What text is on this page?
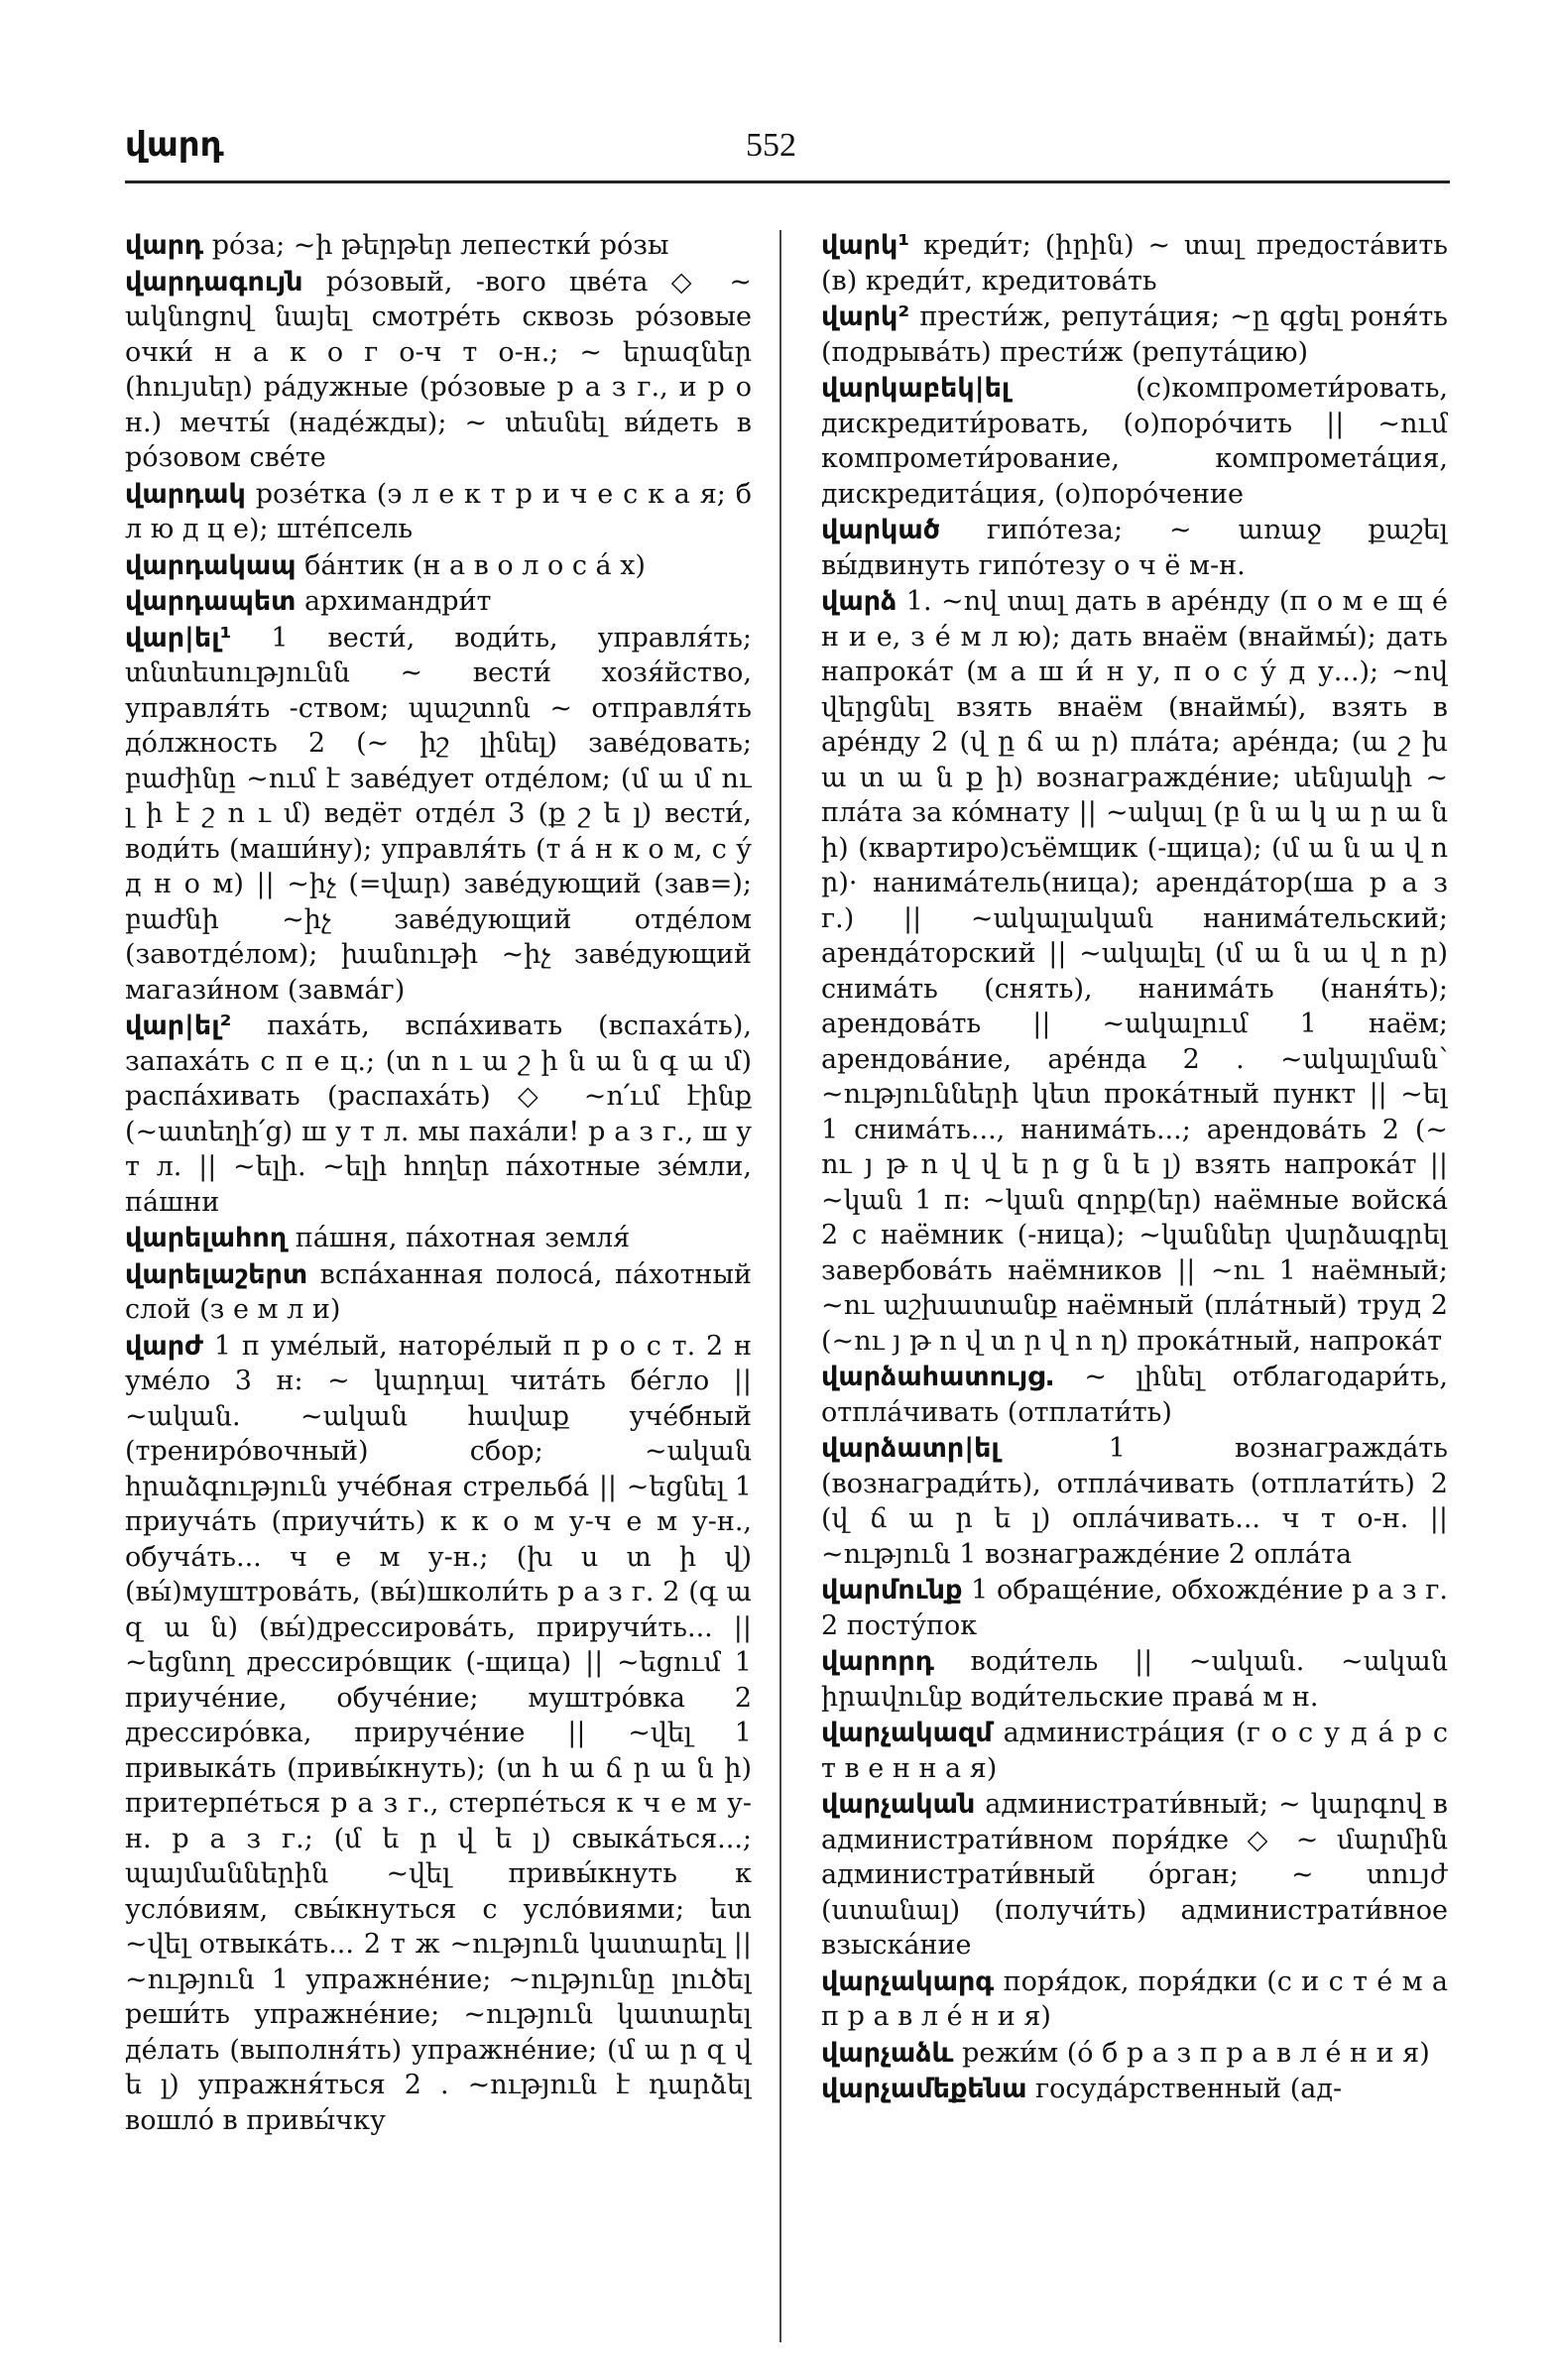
վարդ	552

վարդ ро́за; ~ի թերթեր лепестки́ ро́зы

վարդագույն ро́зовый, -вого цве́та ◇ ~ ակնոցով նայել смотре́ть сквозь ро́зовые очки́ н а к о г о-ч т о-н.; ~ երազներ (հույսեր) ра́дужные (ро́зовые р а з г., и р о н.) мечты́ (наде́жды); ~ տեսնել ви́деть в ро́зовом све́те

վարդակ розе́тка (э л е к т р и ч е с к а я; б л ю д ц е); ште́псель

վարդակապ ба́нтик (н а в о л о с а́ х)

վարդապետ архимандри́т

վար|ել¹ 1 вести́, води́ть, управля́ть; տնտեսությունն ~ вести́ хозя́йство, управля́ть -ством; պաշտոն ~ отправля́ть до́лжность 2 (~ իշ լինել) заве́довать; բաժինը ~ում է заве́дует отде́лом; (մ ա մ ու լ ի է շ ո ւ մ) ведёт отде́л 3 (ք շ ե լ) вести́, води́ть (маши́ну); управля́ть (т а́ н к о м, с у́ д н о м) || ~իչ (=վար) заве́дующий (зав=); բաժնի ~իչ заве́дующий отде́лом (завотде́лом); խանութի ~իչ заве́дующий магази́ном (завма́г)

վար|ել² паха́ть, вспа́хивать (вспаха́ть), запаха́ть с п е ц.; (տ ո ւ ա շ ի ն ա ն գ ա մ) распа́хивать (распаха́ть) ◇ ~ո՛ւմ էինք (~ատեղի՛ց) ш у т л. мы паха́ли! р а з г., ш у т л. || ~ելի. ~ելի հողեր па́хотные зе́мли, па́шни

վարելահող па́шня, па́хотная земля́

վարելաշերտ вспа́ханная полоса́, па́хотный слой (з е м л и)

վարժ 1 п уме́лый, наторе́лый п р о с т. 2 н уме́ло 3 н: ~ կարդալ чита́ть бе́гло || ~ական. ~ական հավաք уче́бный (трениро́вочный) сбор; ~ական հրաձգություն уче́бная стрельба́ || ~եցնել 1 приуча́ть (приучи́ть) к к о м у-ч е м у-н., обуча́ть... ч е м у-н.; (խ ս տ ի վ) (вы́)муштрова́ть, (вы́)школи́ть р а з г. 2 (գ ա զ ա ն) (вы́)дрессирова́ть, приручи́ть... || ~եցնող дрессиро́вщик (-щица) || ~եցում 1 приуче́ние, обуче́ние; муштро́вка 2 дрессиро́вка, прируче́ние || ~վել 1 привыка́ть (привы́кнуть); (տ հ ա ճ ր ա ն ի) притерпе́ться р а з г., стерпе́ться к ч е м у-н. р а з г.; (մ ե ր վ ե լ) свыка́ться...; պայմաններին ~վել привы́кнуть к усло́виям, свы́кнуться с усло́виями; ետ ~վել отвыка́ть... 2 т ж ~ություն կատարել || ~ություն 1 упражне́ние; ~ությունը լուծել реши́ть упражне́ние; ~ություն կատարել де́лать (выполня́ть) упражне́ние; (մ ա ր զ վ ե լ) упражня́ться 2 . ~ություն է դարձել вошло́ в привы́чку

վարկ¹ креди́т; (իրին) ~ տալ предоста́вить (в) креди́т, кредитова́ть

վարկ² прести́ж, репута́ция; ~ը գցել роня́ть (подрыва́ть) прести́ж (репута́цию)

վարկաբեկ|ել (с)компромети́ровать, дискредити́ровать, (о)поро́чить || ~ում компромети́рование, компромета́ция, дискредита́ция, (о)поро́чение

վարկած гипо́теза; ~ առաջ քաշել вы́двинуть гипо́тезу о ч ё м-н.

վարձ 1. ~ով տալ дать в аре́нду (п о м е щ е́ н и е, з е́ м л ю); дать внаём (внаймы́); дать напрока́т (м а ш и́ н у, п о с у́ д у...); ~ով վերցնել взять внаём (внаймы́), взять в аре́нду 2 (վ ը ճ ա ր) пла́та; аре́нда; (ա շ խ ա տ ա ն ք ի) вознагражде́ние; սենյակի ~ пла́та за ко́мнату || ~ակալ (բ ն ա կ ա ր ա ն ի) (квартиро)съёмщик (-щица); (մ ա ն ա վ ո ր)· нанима́тель(ница); аренда́тор(ша р а з г.) || ~ակալական нанима́тельский; аренда́торский || ~ակալել (մ ա ն ա վ ո ր) снима́ть (снять), нанима́ть (наня́ть); арендова́ть || ~ակալում 1 наём; арендова́ние, аре́нда 2 . ~ակալման՝ ~ությունների կետ прока́тный пункт || ~ել 1 снима́ть..., нанима́ть...; арендова́ть 2 (~ ու յ թ ո վ վ ե ր ց ն ե լ) взять напрока́т || ~կան 1 п: ~կան զորք(եր) наёмные войска́ 2 с наёмник (-ница); ~կաններ վարձագրել завербова́ть наёмников || ~ու 1 наёмный; ~ու աշխատանք наёмный (пла́тный) труд 2 (~ու յ թ ո վ տ ր վ ո ղ) прока́тный, напрока́т

վարձահատույց. ~ լինել отблагодари́ть, отпла́чивать (отплати́ть)

վարձատր|ել 1 вознагражда́ть (вознагради́ть), отпла́чивать (отплати́ть) 2 (վ ճ ա ր ե լ) опла́чивать... ч т о-н. || ~ություն 1 вознагражде́ние 2 опла́та

վարմունք 1 обраще́ние, обхожде́ние р а з г. 2 посту́пок

վարորդ води́тель || ~ական. ~ական իրավունք води́тельские права́ м н.

վարչակազմ администра́ция (г о с у д а́ р с т в е н н а я)

վարչական администрати́вный; ~ կարգով в администрати́вном поря́дке ◇ ~ մարմին администрати́вный о́рган; ~ տույժ (ստանալ) (получи́ть) администрати́вное взыска́ние

վարչակարգ поря́док, поря́дки (с и с т е́ м а п р а в л е́ н и я)

վարչաձև режи́м (о́ б р а з п р а в л е́ н и я)

վարչամեքենա госуда́рственный (ад-
